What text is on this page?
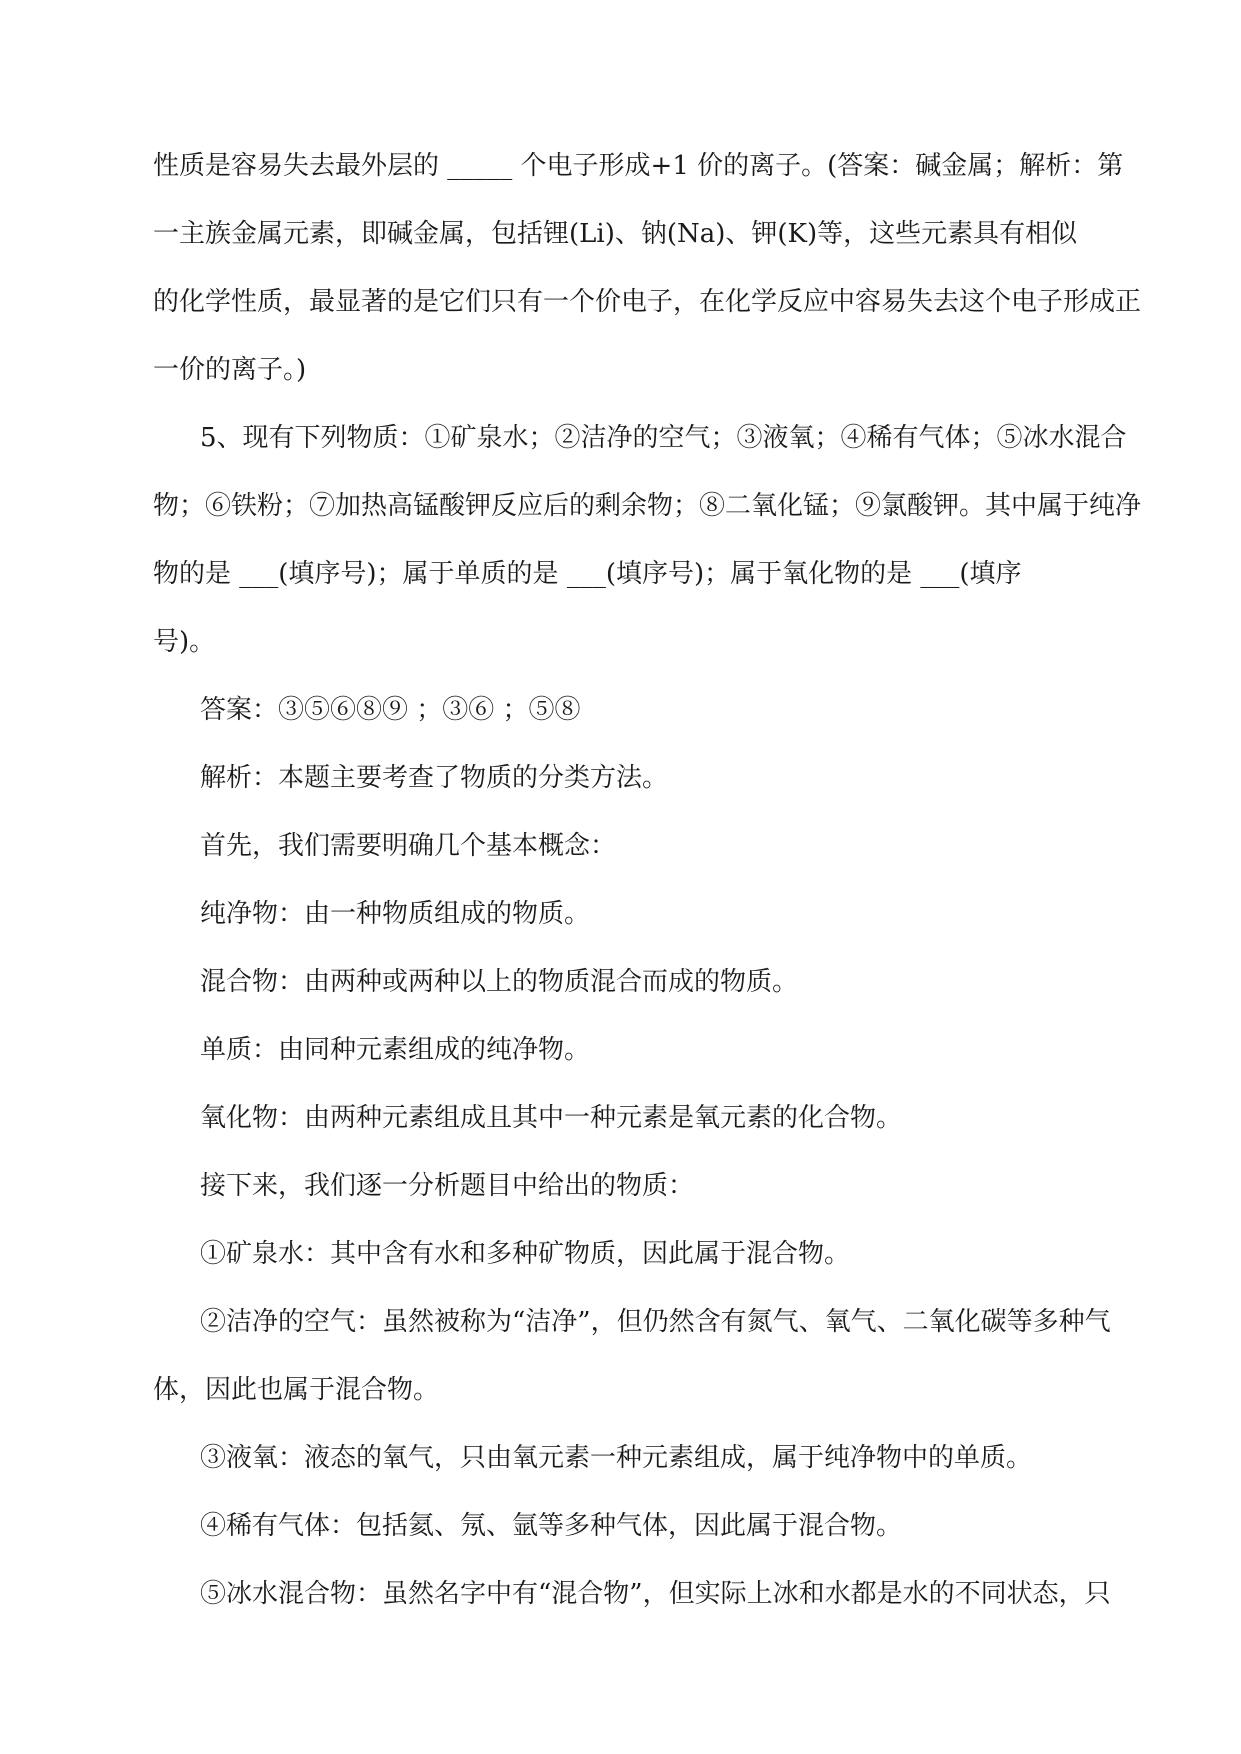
性质是容易失去最外层的 _____ 个电子形成+1 价的离子。(答案：碱金属；解析：第
一主族金属元素，即碱金属，包括锂(Li)、钠(Na)、钾(K)等，这些元素具有相似
的化学性质，最显著的是它们只有一个价电子，在化学反应中容易失去这个电子形成正
一价的离子。)
5、现有下列物质：①矿泉水；②洁净的空气；③液氧；④稀有气体；⑤冰水混合
物；⑥铁粉；⑦加热高锰酸钾反应后的剩余物；⑧二氧化锰；⑨氯酸钾。其中属于纯净
物的是 ___(填序号)；属于单质的是 ___(填序号)；属于氧化物的是 ___(填序
号)。
答案：③⑤⑥⑧⑨ ；③⑥ ；⑤⑧
解析：本题主要考查了物质的分类方法。
首先，我们需要明确几个基本概念：
纯净物：由一种物质组成的物质。
混合物：由两种或两种以上的物质混合而成的物质。
单质：由同种元素组成的纯净物。
氧化物：由两种元素组成且其中一种元素是氧元素的化合物。
接下来，我们逐一分析题目中给出的物质：
①矿泉水：其中含有水和多种矿物质，因此属于混合物。
②洁净的空气：虽然被称为“洁净”，但仍然含有氮气、氧气、二氧化碳等多种气
体，因此也属于混合物。
③液氧：液态的氧气，只由氧元素一种元素组成，属于纯净物中的单质。
④稀有气体：包括氦、氖、氩等多种气体，因此属于混合物。
⑤冰水混合物：虽然名字中有“混合物”，但实际上冰和水都是水的不同状态，只
